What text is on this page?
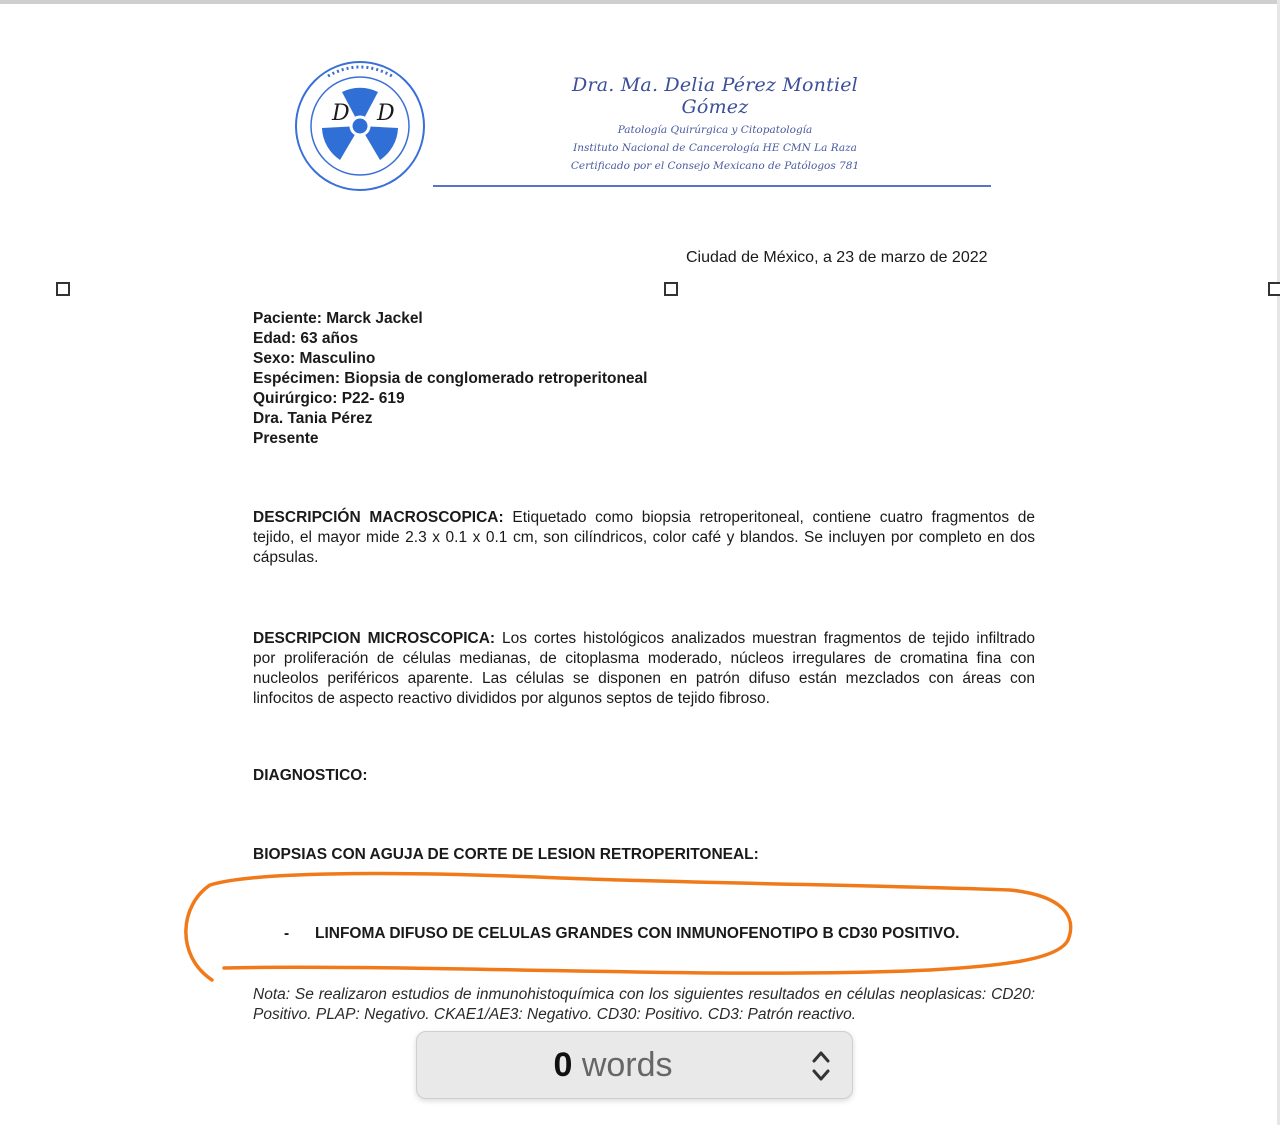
D D
Dra. Ma. Delia Pérez Montiel Gómez
Patología Quirúrgica y Citopatología
Instituto Nacional de Cancerología HE CMN La Raza
Certificado por el Consejo Mexicano de Patólogos 781
Ciudad de México, a 23 de marzo de 2022
Paciente: Marck Jackel
Edad: 63 años
Sexo: Masculino
Espécimen: Biopsia de conglomerado retroperitoneal
Quirúrgico: P22- 619
Dra. Tania Pérez
Presente
DESCRIPCIÓN MACROSCOPICA: Etiquetado como biopsia retroperitoneal, contiene cuatro fragmentos de tejido, el mayor mide 2.3 x 0.1 x 0.1 cm, son cilíndricos, color café y blandos. Se incluyen por completo en dos cápsulas.
DESCRIPCION MICROSCOPICA: Los cortes histológicos analizados muestran fragmentos de tejido infiltrado por proliferación de células medianas, de citoplasma moderado, núcleos irregulares de cromatina fina con nucleolos periféricos aparente. Las células se disponen en patrón difuso están mezclados con áreas con linfocitos de aspecto reactivo divididos por algunos septos de tejido fibroso.
DIAGNOSTICO:
BIOPSIAS CON AGUJA DE CORTE DE LESION RETROPERITONEAL:
- LINFOMA DIFUSO DE CELULAS GRANDES CON INMUNOFENOTIPO B CD30 POSITIVO.
Nota: Se realizaron estudios de inmunohistoquímica con los siguientes resultados en células neoplasicas: CD20: Positivo. PLAP: Negativo. CKAE1/AE3: Negativo. CD30: Positivo. CD3: Patrón reactivo.
0 words
